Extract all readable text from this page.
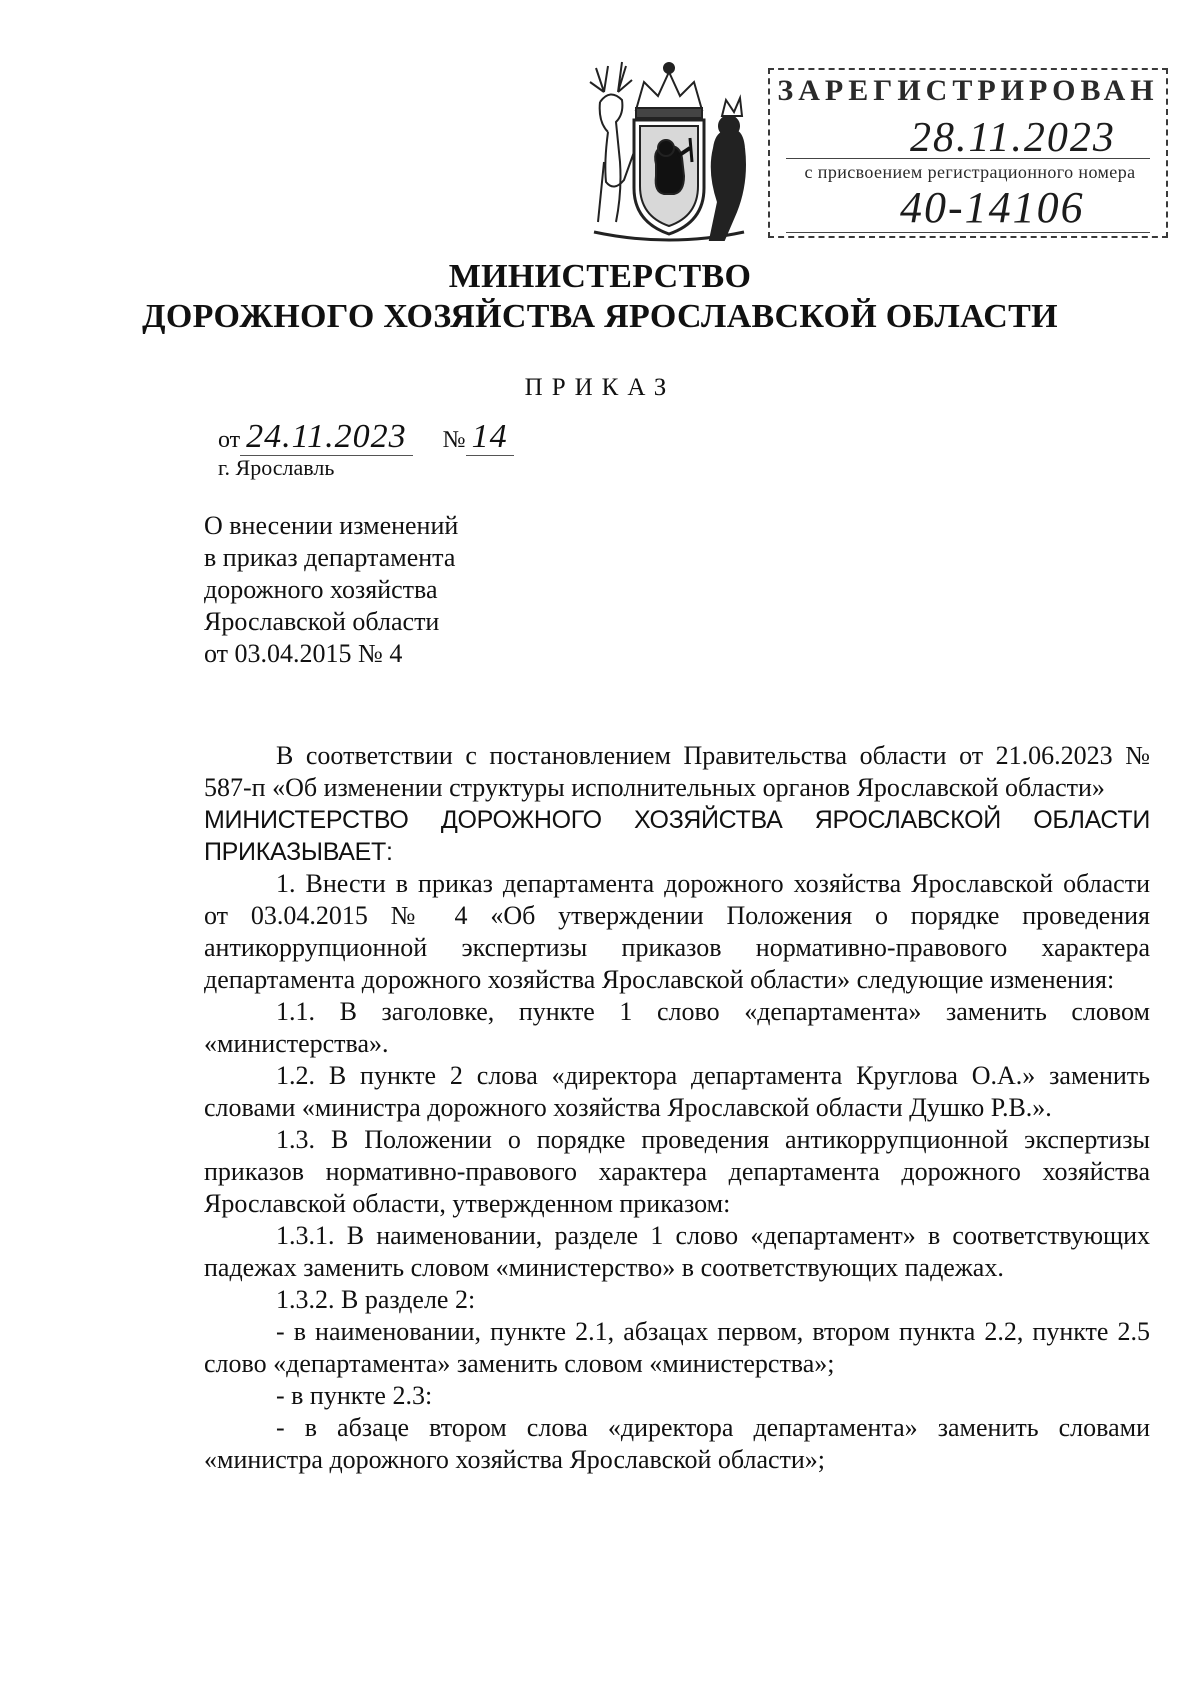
ЗАРЕГИСТРИРОВАН
28.11.2023
с присвоением регистрационного номера
40-14106
МИНИСТЕРСТВО
ДОРОЖНОГО ХОЗЯЙСТВА ЯРОСЛАВСКОЙ ОБЛАСТИ
ПРИКАЗ
от 24.11.2023 № 14
г. Ярославль
О внесении изменений
в приказ департамента
дорожного хозяйства
Ярославской области
от 03.04.2015 № 4

В соответствии с постановлением Правительства области от 21.06.2023 № 587-п «Об изменении структуры исполнительных органов Ярославской области»

МИНИСТЕРСТВО ДОРОЖНОГО ХОЗЯЙСТВА ЯРОСЛАВСКОЙ ОБЛАСТИ ПРИКАЗЫВАЕТ:

1. Внести в приказ департамента дорожного хозяйства Ярославской области от 03.04.2015 № 4 «Об утверждении Положения о порядке проведения антикоррупционной экспертизы приказов нормативно-правового характера департамента дорожного хозяйства Ярославской области» следующие изменения:

1.1. В заголовке, пункте 1 слово «департамента» заменить словом «министерства».

1.2. В пункте 2 слова «директора департамента Круглова О.А.» заменить словами «министра дорожного хозяйства Ярославской области Душко Р.В.».

1.3. В Положении о порядке проведения антикоррупционной экспертизы приказов нормативно-правового характера департамента дорожного хозяйства Ярославской области, утвержденном приказом:

1.3.1. В наименовании, разделе 1 слово «департамент» в соответствующих падежах заменить словом «министерство» в соответствующих падежах.

1.3.2. В разделе 2:

- в наименовании, пункте 2.1, абзацах первом, втором пункта 2.2, пункте 2.5 слово «департамента» заменить словом «министерства»;

- в пункте 2.3:

- в абзаце втором слова «директора департамента» заменить словами «министра дорожного хозяйства Ярославской области»;
